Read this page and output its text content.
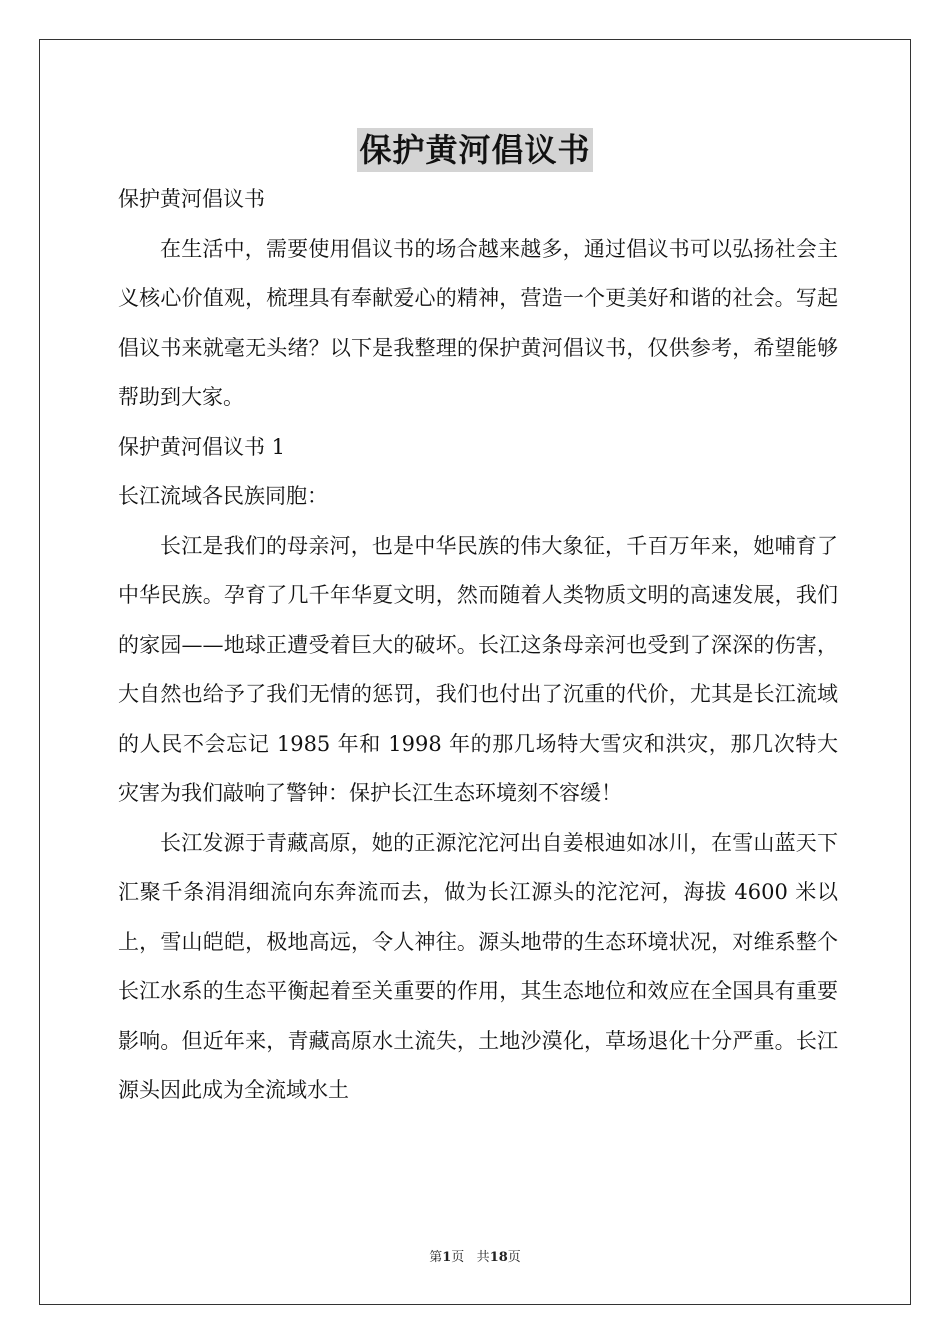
保护黄河倡议书

保护黄河倡议书

在生活中，需要使用倡议书的场合越来越多，通过倡议书可以弘扬社会主义核心价值观，梳理具有奉献爱心的精神，营造一个更美好和谐的社会。写起倡议书来就毫无头绪？以下是我整理的保护黄河倡议书，仅供参考，希望能够帮助到大家。

保护黄河倡议书 1

长江流域各民族同胞：

长江是我们的母亲河，也是中华民族的伟大象征，千百万年来，她哺育了中华民族。孕育了几千年华夏文明，然而随着人类物质文明的高速发展，我们的家园——地球正遭受着巨大的破坏。长江这条母亲河也受到了深深的伤害，大自然也给予了我们无情的惩罚，我们也付出了沉重的代价，尤其是长江流域的人民不会忘记 1985 年和 1998 年的那几场特大雪灾和洪灾，那几次特大灾害为我们敲响了警钟：保护长江生态环境刻不容缓！

长江发源于青藏高原，她的正源沱沱河出自姜根迪如冰川，在雪山蓝天下汇聚千条涓涓细流向东奔流而去，做为长江源头的沱沱河，海拔 4600 米以上，雪山皑皑，极地高远，令人神往。源头地带的生态环境状况，对维系整个长江水系的生态平衡起着至关重要的作用，其生态地位和效应在全国具有重要影响。但近年来，青藏高原水土流失，土地沙漠化，草场退化十分严重。长江源头因此成为全流域水土

第1页 共18页
